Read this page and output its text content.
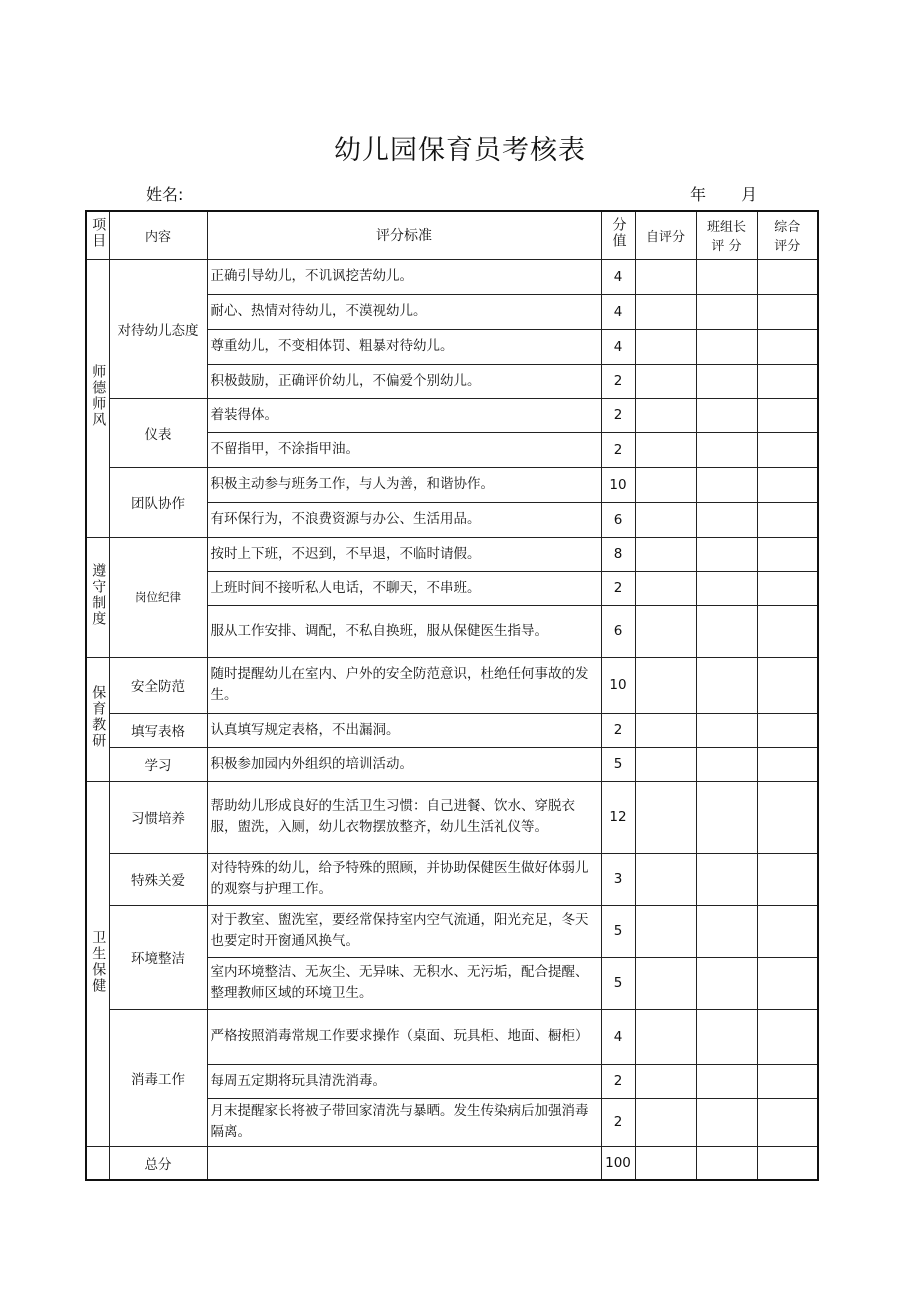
幼儿园保育员考核表
姓名:	年 月
项目	内容	评分标准	分值	自评分	班组长 评 分	综合 评分
师德师风	对待幼儿态度	正确引导幼儿，不讥讽挖苦幼儿。	4			
		耐心、热情对待幼儿，不漠视幼儿。	4			
		尊重幼儿，不变相体罚、粗暴对待幼儿。	4			
		积极鼓励，正确评价幼儿，不偏爱个别幼儿。	2			
	仪表	着装得体。	2			
		不留指甲，不涂指甲油。	2			
	团队协作	积极主动参与班务工作，与人为善，和谐协作。	10			
		有环保行为，不浪费资源与办公、生活用品。	6			
遵守制度	岗位纪律	按时上下班，不迟到，不早退，不临时请假。	8			
		上班时间不接听私人电话，不聊天，不串班。	2			
		服从工作安排、调配，不私自换班，服从保健医生指导。	6			
保育教研	安全防范	随时提醒幼儿在室内、户外的安全防范意识，杜绝任何事故的发生。	10			
	填写表格	认真填写规定表格，不出漏洞。	2			
	学习	积极参加园内外组织的培训活动。	5			
卫生保健	习惯培养	帮助幼儿形成良好的生活卫生习惯：自己进餐、饮水、穿脱衣服，盥洗，入厕，幼儿衣物摆放整齐，幼儿生活礼仪等。	12			
	特殊关爱	对待特殊的幼儿，给予特殊的照顾，并协助保健医生做好体弱儿的观察与护理工作。	3			
	环境整洁	对于教室、盥洗室，要经常保持室内空气流通，阳光充足，冬天也要定时开窗通风换气。	5			
		室内环境整洁、无灰尘、无异味、无积水、无污垢，配合提醒、整理教师区域的环境卫生。	5			
	消毒工作	严格按照消毒常规工作要求操作（桌面、玩具柜、地面、橱柜）	4			
		每周五定期将玩具清洗消毒。	2			
		月末提醒家长将被子带回家清洗与暴晒。发生传染病后加强消毒隔离。	2			
	总分		100			
